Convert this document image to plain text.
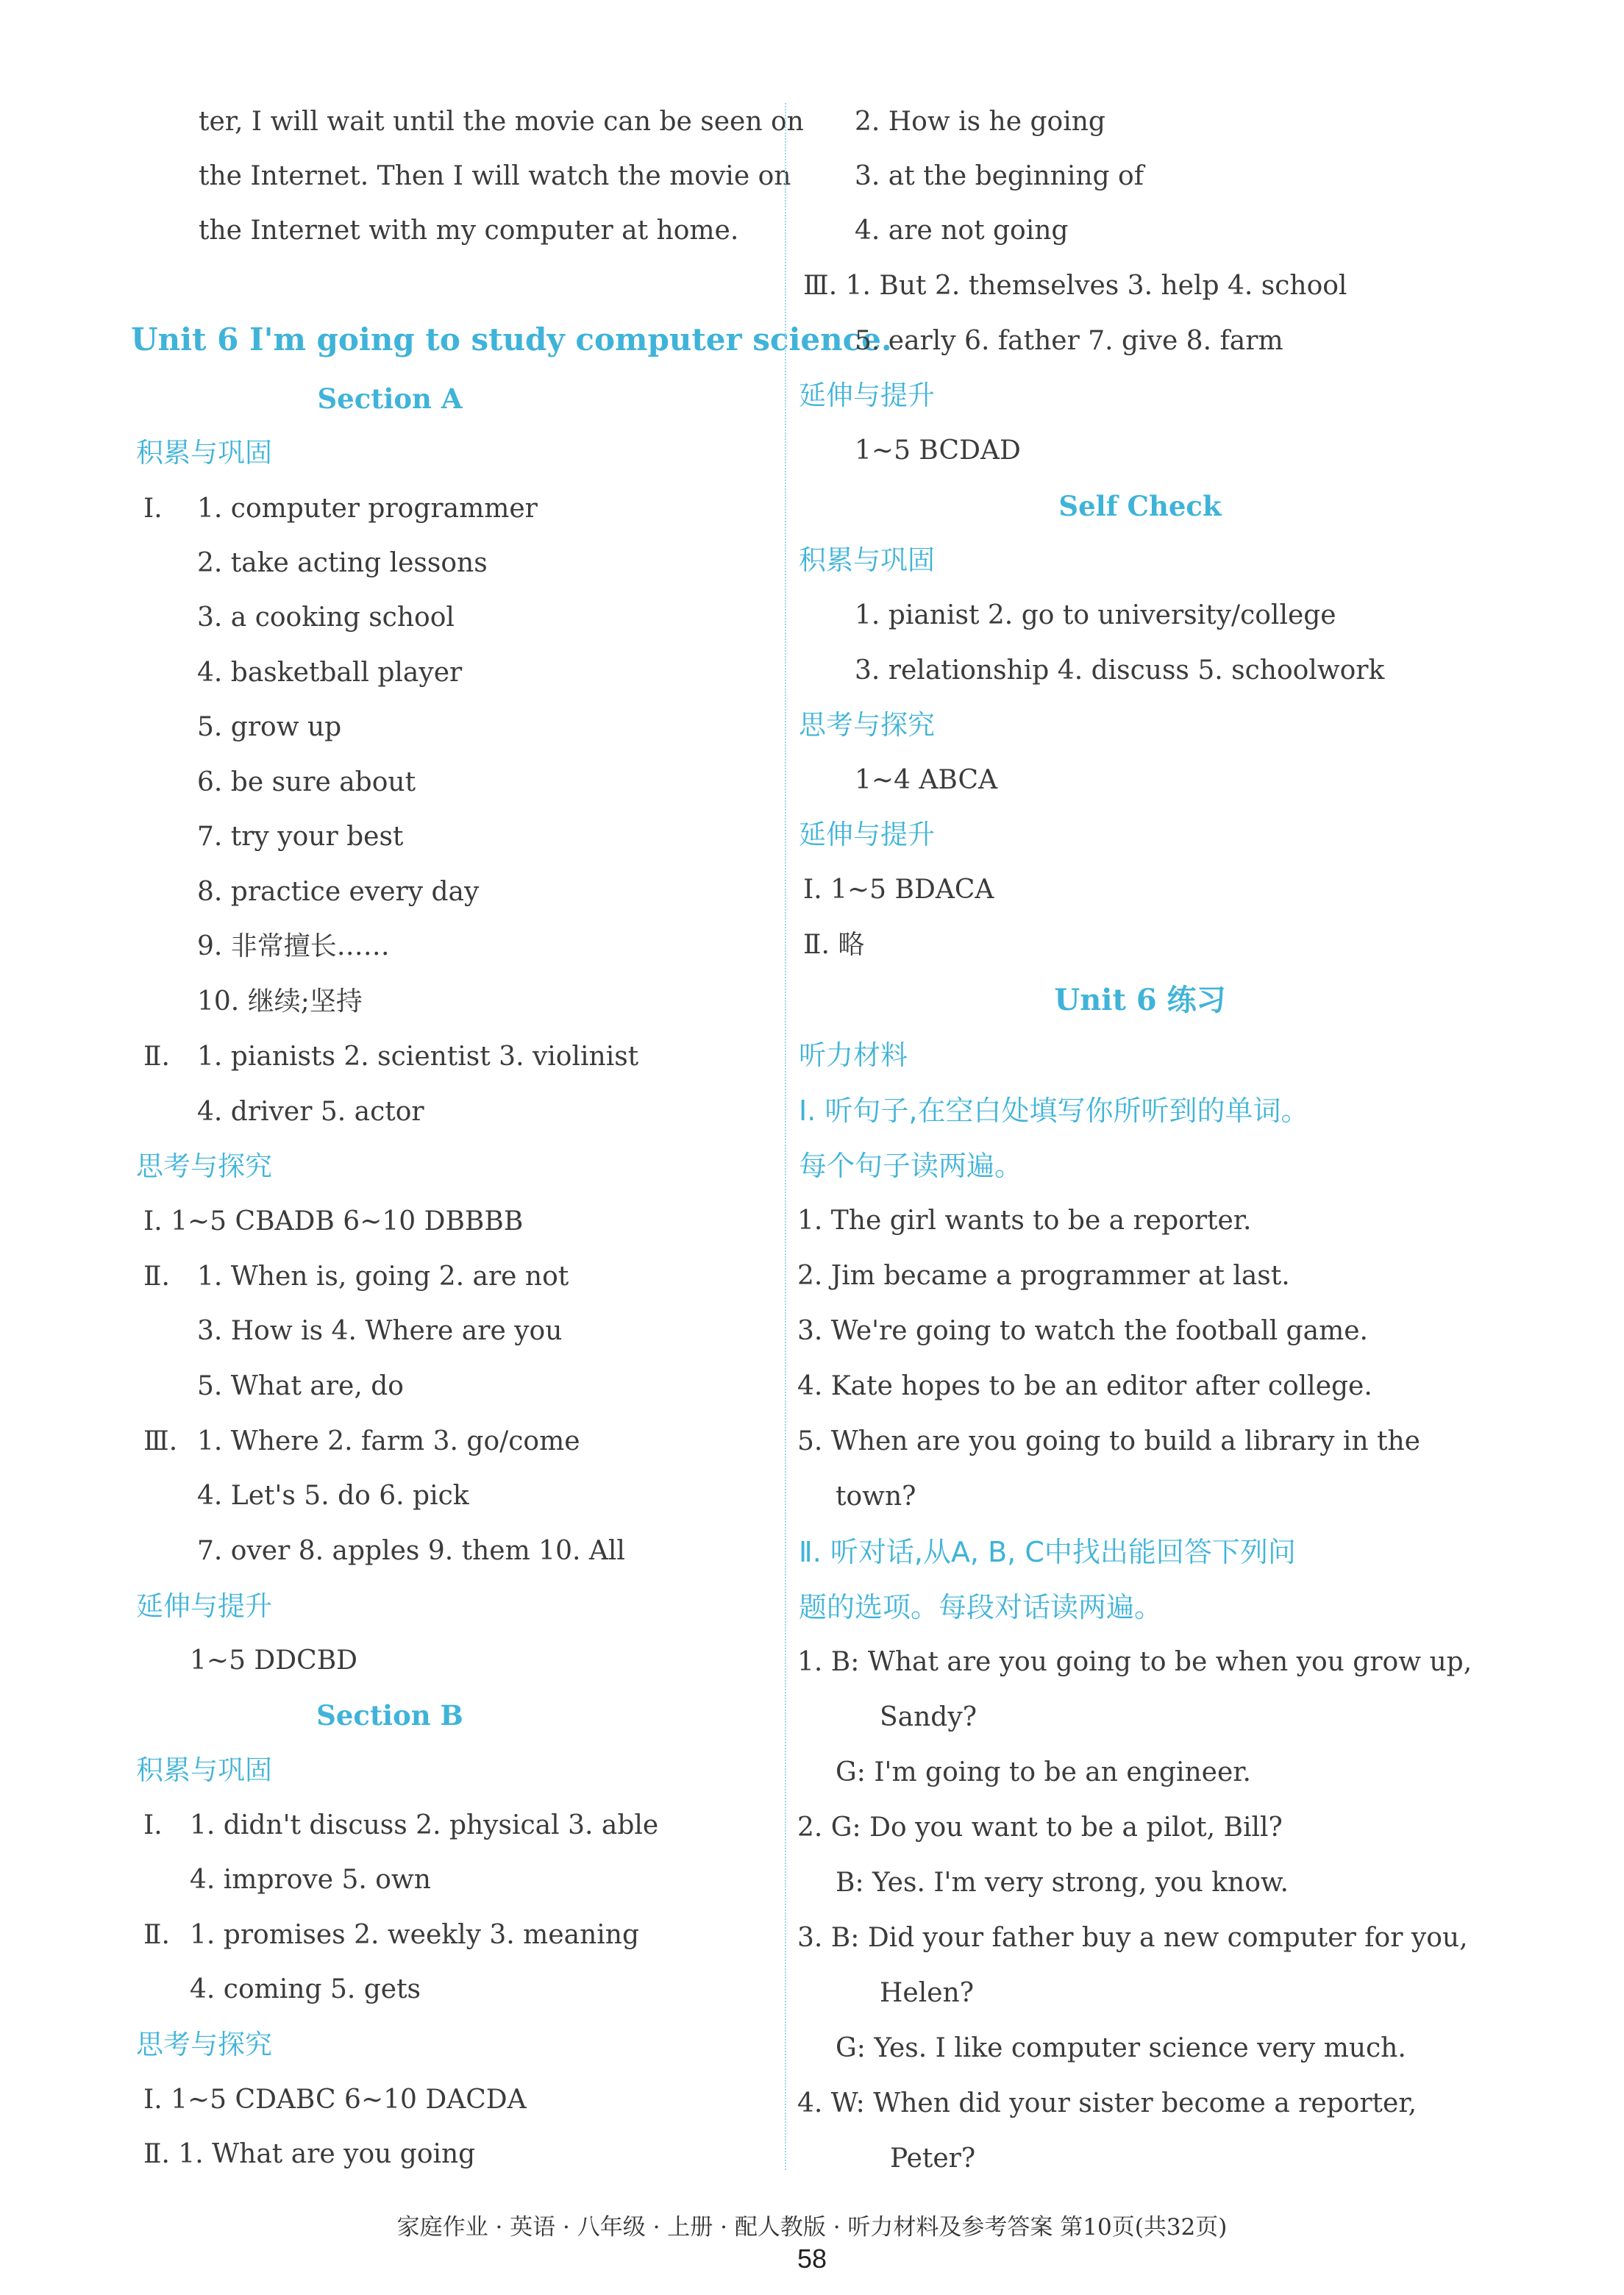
ter, I will wait until the movie can be seen on
the Internet. Then I will watch the movie on
the Internet with my computer at home.
Unit 6 I'm going to study computer science.
Section A
积累与巩固
Ⅰ. 1. computer programmer
2. take acting lessons
3. a cooking school
4. basketball player
5. grow up
6. be sure about
7. try your best
8. practice every day
9. 非常擅长……
10. 继续;坚持
Ⅱ. 1. pianists 2. scientist 3. violinist
4. driver 5. actor
思考与探究
Ⅰ. 1~5 CBADB 6~10 DBBBB
Ⅱ. 1. When is, going 2. are not
3. How is 4. Where are you
5. What are, do
Ⅲ. 1. Where 2. farm 3. go/come
4. Let's 5. do 6. pick
7. over 8. apples 9. them 10. All
延伸与提升
1~5 DDCBD
Section B
积累与巩固
Ⅰ. 1. didn't discuss 2. physical 3. able
4. improve 5. own
Ⅱ. 1. promises 2. weekly 3. meaning
4. coming 5. gets
思考与探究
Ⅰ. 1~5 CDABC 6~10 DACDA
Ⅱ. 1. What are you going
2. How is he going
3. at the beginning of
4. are not going
Ⅲ. 1. But 2. themselves 3. help 4. school
5. early 6. father 7. give 8. farm
延伸与提升
1~5 BCDAD
Self Check
积累与巩固
1. pianist 2. go to university/college
3. relationship 4. discuss 5. schoolwork
思考与探究
1~4 ABCA
延伸与提升
Ⅰ. 1~5 BDACA
Ⅱ. 略
Unit 6 练习
听力材料
Ⅰ. 听句子,在空白处填写你所听到的单词。
每个句子读两遍。
1. The girl wants to be a reporter.
2. Jim became a programmer at last.
3. We're going to watch the football game.
4. Kate hopes to be an editor after college.
5. When are you going to build a library in the
town?
Ⅱ. 听对话,从A, B, C中找出能回答下列问
题的选项。每段对话读两遍。
1. B: What are you going to be when you grow up,
Sandy?
G: I'm going to be an engineer.
2. G: Do you want to be a pilot, Bill?
B: Yes. I'm very strong, you know.
3. B: Did your father buy a new computer for you,
Helen?
G: Yes. I like computer science very much.
4. W: When did your sister become a reporter,
Peter?
家庭作业 · 英语 · 八年级 · 上册 · 配人教版 · 听力材料及参考答案 第10页(共32页)
58
